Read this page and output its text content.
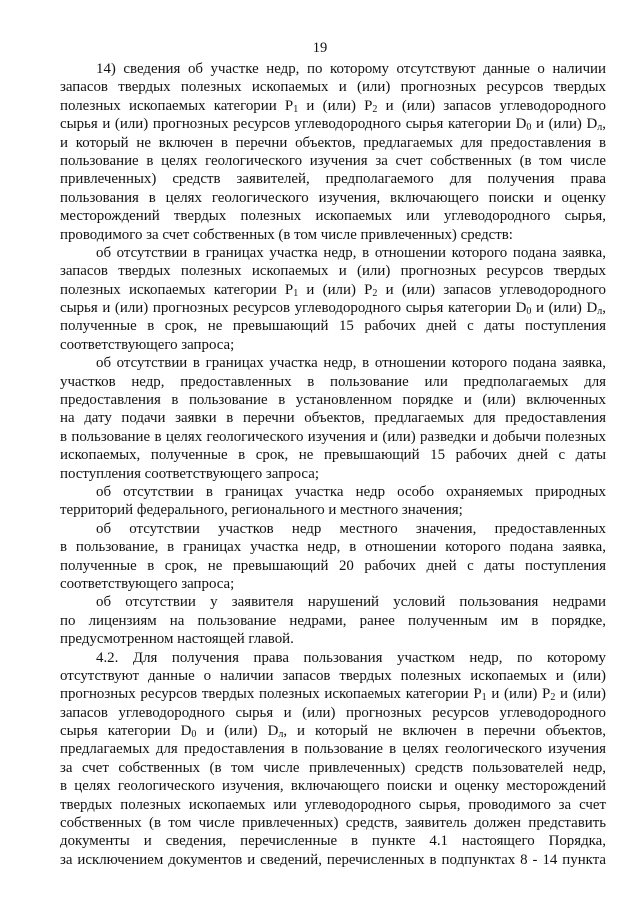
19
14) сведения об участке недр, по которому отсутствуют данные о наличии
запасов твердых полезных ископаемых и (или) прогнозных ресурсов твердых
полезных ископаемых категории $P_1$ и (или) $P_2$ и (или) запасов углеводородного
сырья и (или) прогнозных ресурсов углеводородного сырья категории $D_0$ и (или) $D_л$,
и который не включен в перечни объектов, предлагаемых для предоставления в
пользование в целях геологического изучения за счет собственных (в том числе
привлеченных) средств заявителей, предполагаемого для получения права
пользования в целях геологического изучения, включающего поиски и оценку
месторождений твердых полезных ископаемых или углеводородного сырья,
проводимого за счет собственных (в том числе привлеченных) средств:
об отсутствии в границах участка недр, в отношении которого подана заявка,
запасов твердых полезных ископаемых и (или) прогнозных ресурсов твердых
полезных ископаемых категории $P_1$ и (или) $P_2$ и (или) запасов углеводородного
сырья и (или) прогнозных ресурсов углеводородного сырья категории $D_0$ и (или) $D_л$,
полученные в срок, не превышающий 15 рабочих дней с даты поступления
соответствующего запроса;
об отсутствии в границах участка недр, в отношении которого подана заявка,
участков недр, предоставленных в пользование или предполагаемых для
предоставления в пользование в установленном порядке и (или) включенных
на дату подачи заявки в перечни объектов, предлагаемых для предоставления
в пользование в целях геологического изучения и (или) разведки и добычи полезных
ископаемых, полученные в срок, не превышающий 15 рабочих дней с даты
поступления соответствующего запроса;
об отсутствии в границах участка недр особо охраняемых природных
территорий федерального, регионального и местного значения;
об отсутствии участков недр местного значения, предоставленных
в пользование, в границах участка недр, в отношении которого подана заявка,
полученные в срок, не превышающий 20 рабочих дней с даты поступления
соответствующего запроса;
об отсутствии у заявителя нарушений условий пользования недрами
по лицензиям на пользование недрами, ранее полученным им в порядке,
предусмотренном настоящей главой.
4.2. Для получения права пользования участком недр, по которому
отсутствуют данные о наличии запасов твердых полезных ископаемых и (или)
прогнозных ресурсов твердых полезных ископаемых категории $P_1$ и (или) $P_2$ и (или)
запасов углеводородного сырья и (или) прогнозных ресурсов углеводородного
сырья категории $D_0$ и (или) $D_л$, и который не включен в перечни объектов,
предлагаемых для предоставления в пользование в целях геологического изучения
за счет собственных (в том числе привлеченных) средств пользователей недр,
в целях геологического изучения, включающего поиски и оценку месторождений
твердых полезных ископаемых или углеводородного сырья, проводимого за счет
собственных (в том числе привлеченных) средств, заявитель должен представить
документы и сведения, перечисленные в пункте 4.1 настоящего Порядка,
за исключением документов и сведений, перечисленных в подпунктах 8 - 14 пункта
